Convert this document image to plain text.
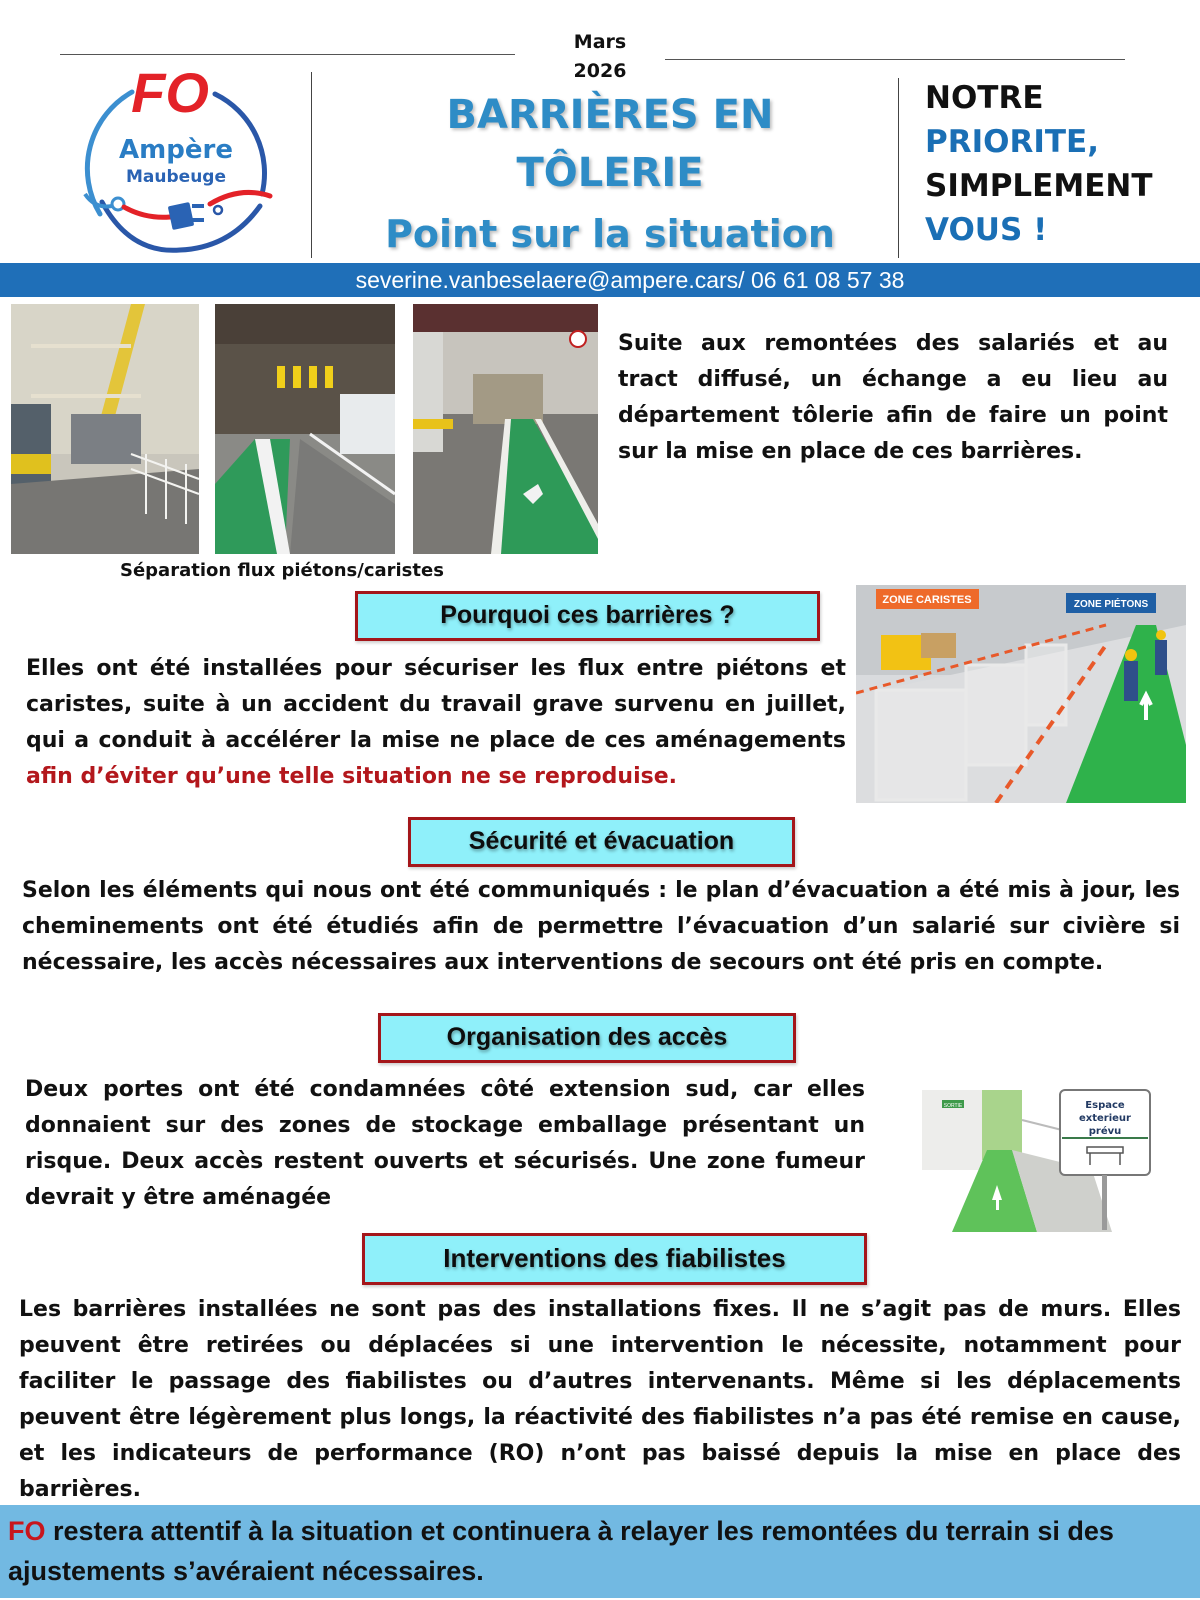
FO
Ampère
Maubeuge
Mars
2026
BARRIÈRES EN
TÔLERIE
Point sur la situation
NOTRE
PRIORITE,
SIMPLEMENT
VOUS !
severine.vanbeselaere@ampere.cars/ 06 61 08 57 38
Séparation flux piétons/caristes
Suite aux remontées des salariés et au tract diffusé, un échange a eu lieu au département tôlerie afin de faire un point sur la mise en place de ces barrières.
ZONE CARISTES	ZONE PIÉTONS
Pourquoi ces barrières ?
Elles ont été installées pour sécuriser les flux entre piétons et caristes, suite à un accident du travail grave survenu en juillet, qui a conduit à accélérer la mise ne place de ces aménagements afin d’éviter qu’une telle situation ne se reproduise.
Sécurité et évacuation
Selon les éléments qui nous ont été communiqués : le plan d’évacuation a été mis à jour, les cheminements ont été étudiés afin de permettre l’évacuation d’un salarié sur civière si nécessaire, les accès nécessaires aux interventions de secours ont été pris en compte.
Organisation des accès
Deux portes ont été condamnées côté extension sud, car elles donnaient sur des zones de stockage emballage présentant un risque. Deux accès restent ouverts et sécurisés. Une zone fumeur devrait y être aménagée
SORTIE	Espace
exterieur
prévu
Interventions des fiabilistes
Les barrières installées ne sont pas des installations fixes. Il ne s’agit pas de murs. Elles peuvent être retirées ou déplacées si une intervention le nécessite, notamment pour faciliter le passage des fiabilistes ou d’autres intervenants. Même si les déplacements peuvent être légèrement plus longs, la réactivité des fiabilistes n’a pas été remise en cause, et les indicateurs de performance (RO) n’ont pas baissé depuis la mise en place des barrières.
FO restera attentif à la situation et continuera à relayer les remontées du terrain si des ajustements s’avéraient nécessaires.
